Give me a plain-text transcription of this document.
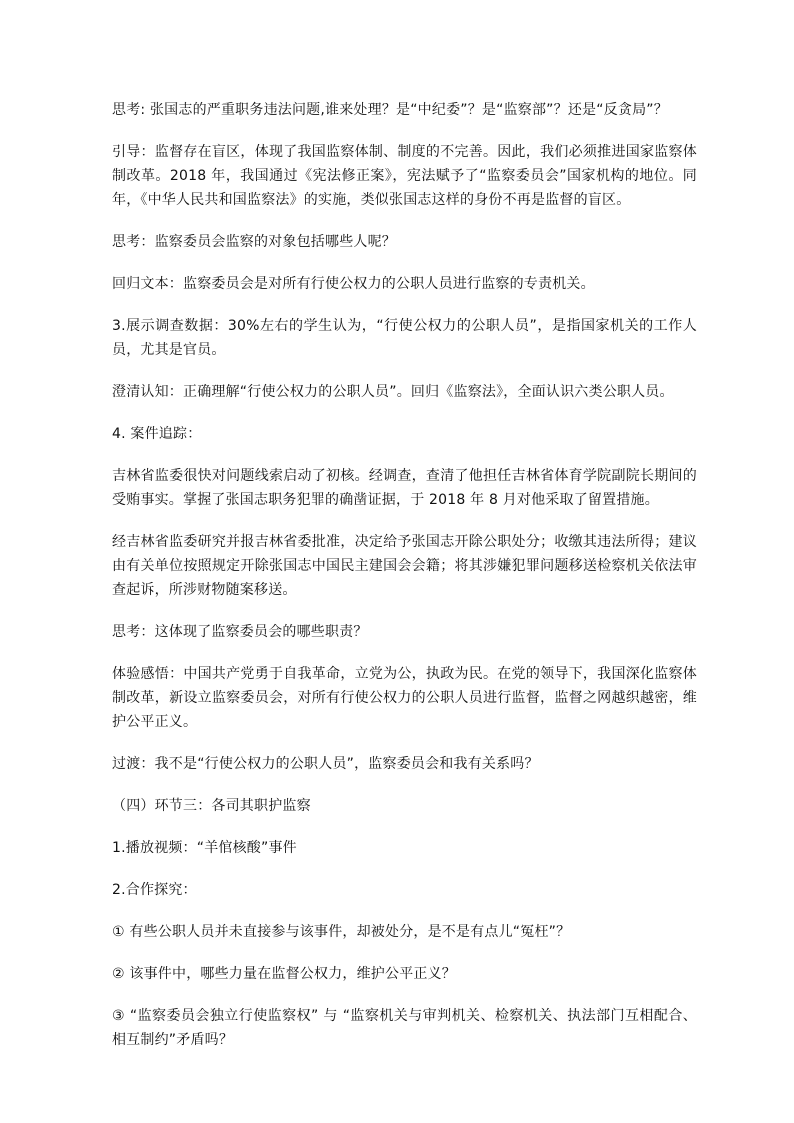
思考: 张国志的严重职务违法问题,谁来处理？是“中纪委”？是“监察部”？还是“反贪局”？

引导：监督存在盲区，体现了我国监察体制、制度的不完善。因此，我们必须推进国家监察体制改革。2018 年，我国通过《宪法修正案》，宪法赋予了“监察委员会”国家机构的地位。同年，《中华人民共和国监察法》的实施，类似张国志这样的身份不再是监督的盲区。

思考：监察委员会监察的对象包括哪些人呢？

回归文本：监察委员会是对所有行使公权力的公职人员进行监察的专责机关。

3.展示调查数据：30%左右的学生认为，“行使公权力的公职人员”，是指国家机关的工作人员，尤其是官员。

澄清认知：正确理解“行使公权力的公职人员”。回归《监察法》，全面认识六类公职人员。

4. 案件追踪：

吉林省监委很快对问题线索启动了初核。经调查，查清了他担任吉林省体育学院副院长期间的受贿事实。掌握了张国志职务犯罪的确凿证据，于 2018 年 8 月对他采取了留置措施。

经吉林省监委研究并报吉林省委批准，决定给予张国志开除公职处分；收缴其违法所得；建议由有关单位按照规定开除张国志中国民主建国会会籍；将其涉嫌犯罪问题移送检察机关依法审查起诉，所涉财物随案移送。

思考：这体现了监察委员会的哪些职责？

体验感悟：中国共产党勇于自我革命，立党为公，执政为民。在党的领导下，我国深化监察体制改革，新设立监察委员会，对所有行使公权力的公职人员进行监督，监督之网越织越密，维护公平正义。

过渡：我不是“行使公权力的公职人员”，监察委员会和我有关系吗？

（四）环节三：各司其职护监察

1.播放视频：“羊倌核酸”事件

2.合作探究：

① 有些公职人员并未直接参与该事件，却被处分，是不是有点儿“冤枉”？

② 该事件中，哪些力量在监督公权力，维护公平正义？

③ “监察委员会独立行使监察权” 与 “监察机关与审判机关、检察机关、执法部门互相配合、相互制约”矛盾吗？
